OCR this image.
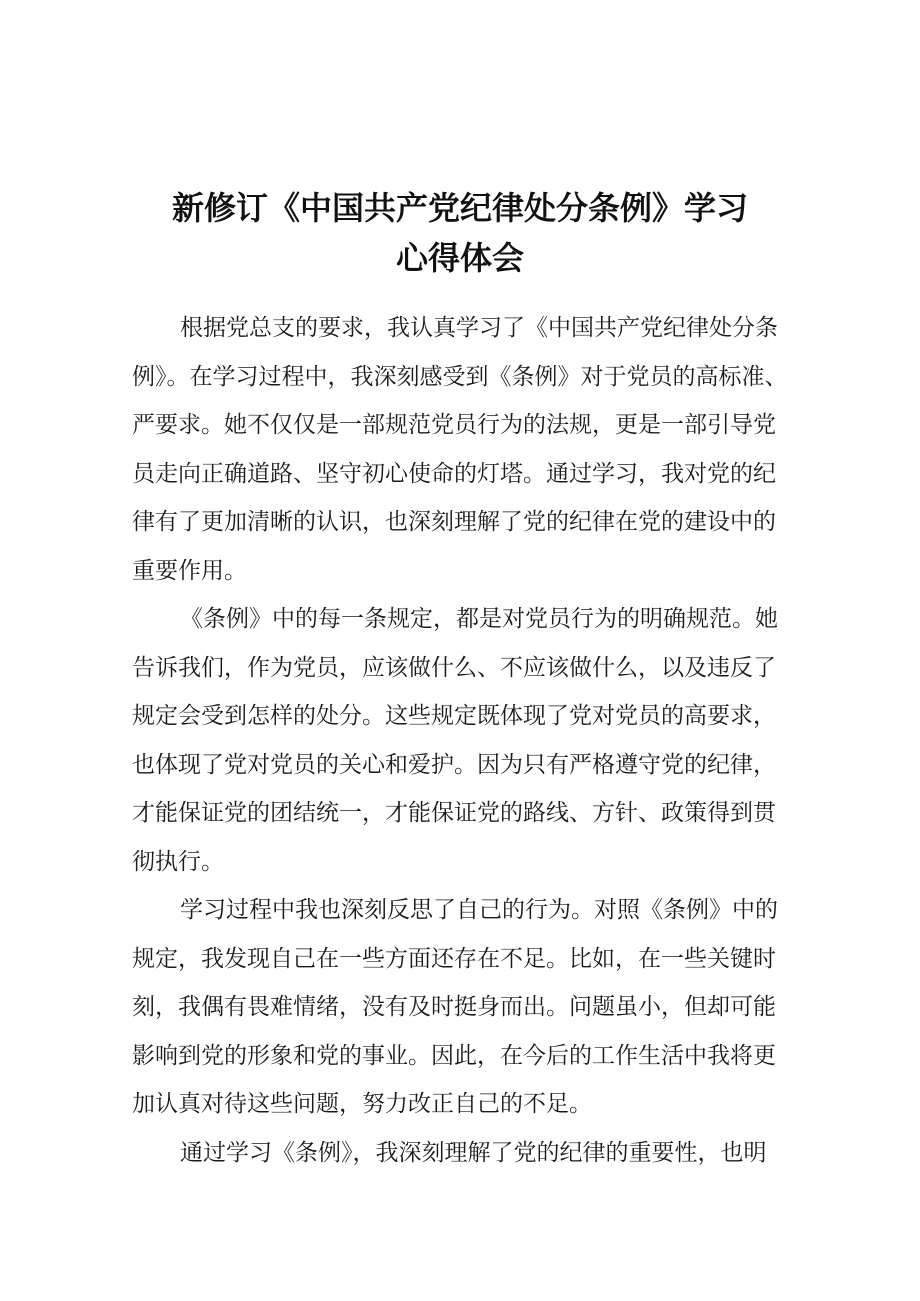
新修订《中国共产党纪律处分条例》学习
心得体会

根据党总支的要求，我认真学习了《中国共产党纪律处分条
例》。在学习过程中，我深刻感受到《条例》对于党员的高标准、
严要求。她不仅仅是一部规范党员行为的法规，更是一部引导党
员走向正确道路、坚守初心使命的灯塔。通过学习，我对党的纪
律有了更加清晰的认识，也深刻理解了党的纪律在党的建设中的
重要作用。

《条例》中的每一条规定，都是对党员行为的明确规范。她
告诉我们，作为党员，应该做什么、不应该做什么，以及违反了
规定会受到怎样的处分。这些规定既体现了党对党员的高要求，
也体现了党对党员的关心和爱护。因为只有严格遵守党的纪律，
才能保证党的团结统一，才能保证党的路线、方针、政策得到贯
彻执行。

学习过程中我也深刻反思了自己的行为。对照《条例》中的
规定，我发现自己在一些方面还存在不足。比如，在一些关键时
刻，我偶有畏难情绪，没有及时挺身而出。问题虽小，但却可能
影响到党的形象和党的事业。因此，在今后的工作生活中我将更
加认真对待这些问题，努力改正自己的不足。

通过学习《条例》，我深刻理解了党的纪律的重要性，也明
